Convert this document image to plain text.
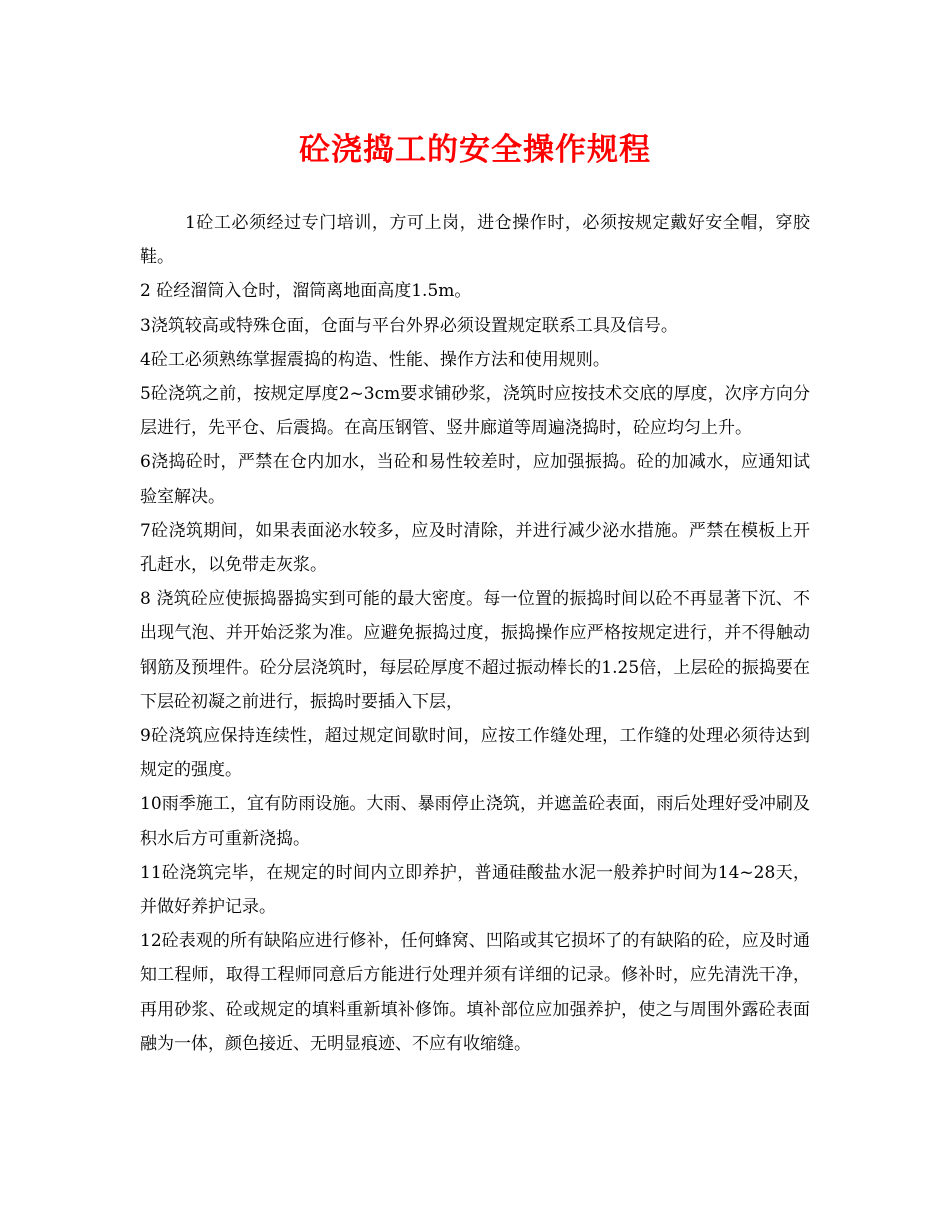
砼浇捣工的安全操作规程

1砼工必须经过专门培训，方可上岗，进仓操作时，必须按规定戴好安全帽，穿胶鞋。

2 砼经溜筒入仓时，溜筒离地面高度1.5m。

3浇筑较高或特殊仓面，仓面与平台外界必须设置规定联系工具及信号。

4砼工必须熟练掌握震捣的构造、性能、操作方法和使用规则。

5砼浇筑之前，按规定厚度2~3cm要求铺砂浆，浇筑时应按技术交底的厚度，次序方向分层进行，先平仓、后震捣。在高压钢管、竖井廊道等周遍浇捣时，砼应均匀上升。

6浇捣砼时，严禁在仓内加水，当砼和易性较差时，应加强振捣。砼的加减水，应通知试验室解决。

7砼浇筑期间，如果表面泌水较多，应及时清除，并进行减少泌水措施。严禁在模板上开孔赶水，以免带走灰浆。

8 浇筑砼应使振捣器捣实到可能的最大密度。每一位置的振捣时间以砼不再显著下沉、不出现气泡、并开始泛浆为准。应避免振捣过度，振捣操作应严格按规定进行，并不得触动钢筋及预埋件。砼分层浇筑时，每层砼厚度不超过振动棒长的1.25倍，上层砼的振捣要在下层砼初凝之前进行，振捣时要插入下层，

9砼浇筑应保持连续性，超过规定间歇时间，应按工作缝处理，工作缝的处理必须待达到规定的强度。

10雨季施工，宜有防雨设施。大雨、暴雨停止浇筑，并遮盖砼表面，雨后处理好受冲刷及积水后方可重新浇捣。

11砼浇筑完毕，在规定的时间内立即养护，普通硅酸盐水泥一般养护时间为14~28天，并做好养护记录。

12砼表观的所有缺陷应进行修补，任何蜂窝、凹陷或其它损坏了的有缺陷的砼，应及时通知工程师，取得工程师同意后方能进行处理并须有详细的记录。修补时，应先清洗干净，再用砂浆、砼或规定的填料重新填补修饰。填补部位应加强养护，使之与周围外露砼表面融为一体，颜色接近、无明显痕迹、不应有收缩缝。
